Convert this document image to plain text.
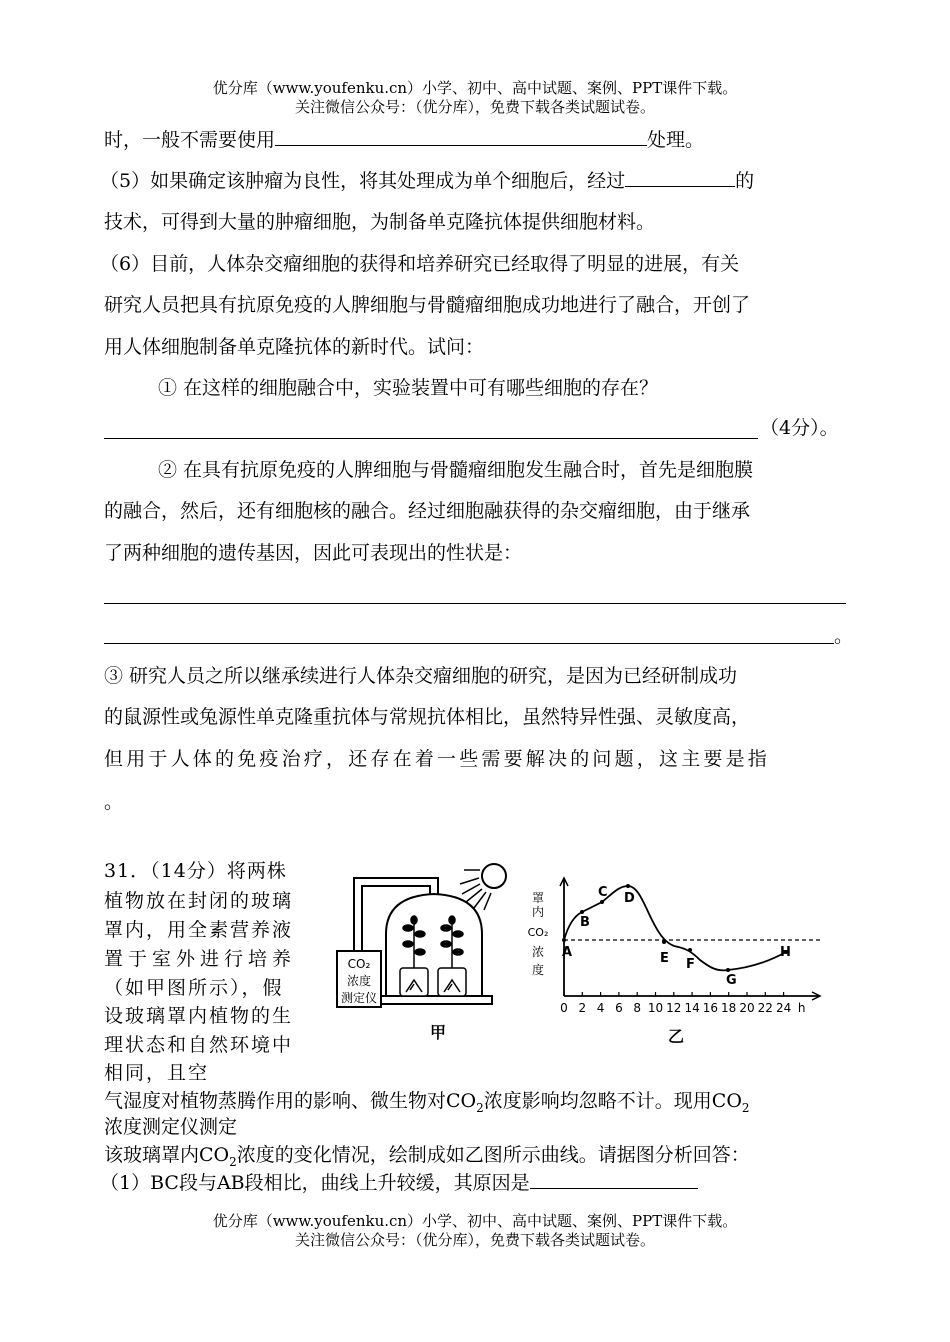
优分库（www.youfenku.cn）小学、初中、高中试题、案例、PPT课件下载。
关注微信公众号：（优分库），免费下载各类试题试卷。
时，一般不需要使用	处理。
（5）如果确定该肿瘤为良性，将其处理成为单个细胞后，经过	的
技术，可得到大量的肿瘤细胞，为制备单克隆抗体提供细胞材料。
（6）目前，人体杂交瘤细胞的获得和培养研究已经取得了明显的进展，有关
研究人员把具有抗原免疫的人脾细胞与骨髓瘤细胞成功地进行了融合，开创了
用人体细胞制备单克隆抗体的新时代。试问：
① 在这样的细胞融合中，实验装置中可有哪些细胞的存在？
（4分）。
② 在具有抗原免疫的人脾细胞与骨髓瘤细胞发生融合时，首先是细胞膜
的融合，然后，还有细胞核的融合。经过细胞融获得的杂交瘤细胞，由于继承
了两种细胞的遗传基因，因此可表现出的性状是：
。
③ 研究人员之所以继承续进行人体杂交瘤细胞的研究，是因为已经研制成功
的鼠源性或兔源性单克隆重抗体与常规抗体相比，虽然特异性强、灵敏度高，
但用于人体的免疫治疗，还存在着一些需要解决的问题，这主要是指
。
31．（14分）将两株
植物放在封闭的玻璃
罩内，用全素营养液
置于室外进行培养
（如甲图所示），假
设玻璃罩内植物的生
理状态和自然环境中
相同，且空
CO₂
浓度
测定仪
甲
罩
内
CO₂
浓
度
0 2 4 6 8 10 12 14 16 18 20 22 24 h
A
B
C D
E F
G
H
乙
气湿度对植物蒸腾作用的影响、微生物对$CO_2$浓度影响均忽略不计。现用$CO_2$
浓度测定仪测定
该玻璃罩内$CO_2$浓度的变化情况，绘制成如乙图所示曲线。请据图分析回答：
（1）BC段与AB段相比，曲线上升较缓，其原因是
优分库（www.youfenku.cn）小学、初中、高中试题、案例、PPT课件下载。
关注微信公众号：（优分库），免费下载各类试题试卷。
